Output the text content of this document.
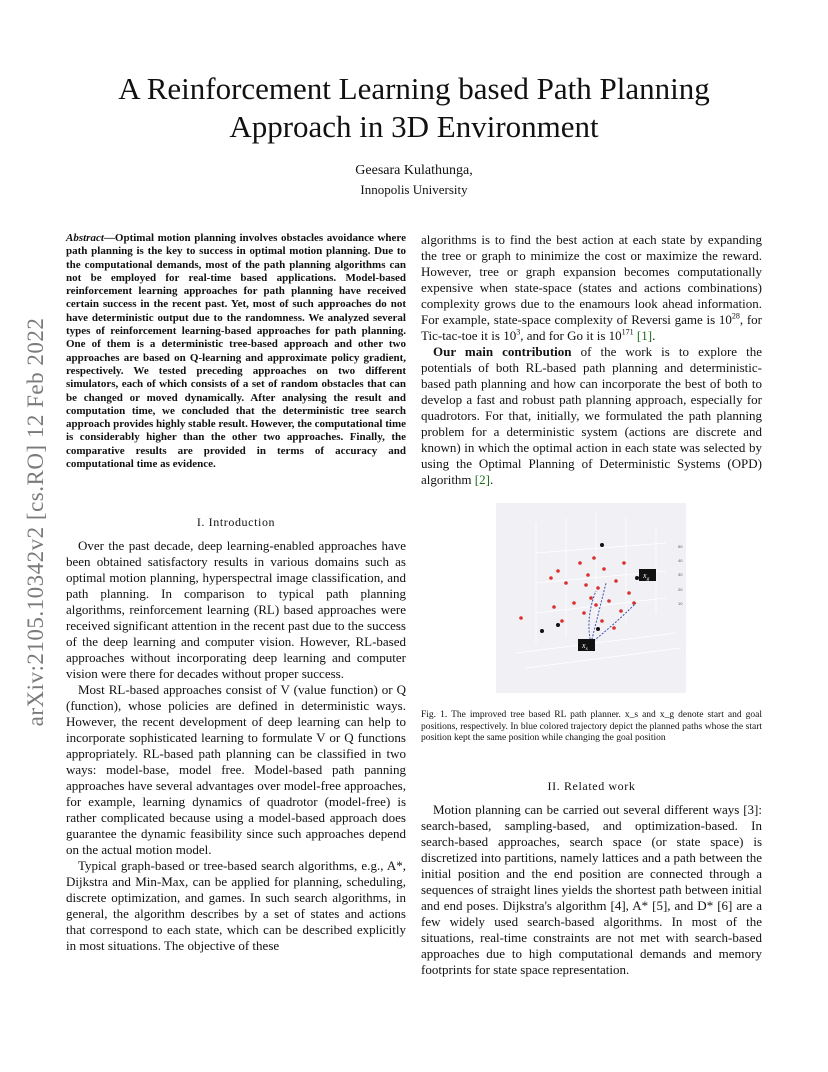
arXiv:2105.10342v2 [cs.RO] 12 Feb 2022
A Reinforcement Learning based Path Planning
Approach in 3D Environment
Geesara Kulathunga,
Innopolis University
Abstract—Optimal motion planning involves obstacles avoidance where path planning is the key to success in optimal motion planning. Due to the computational demands, most of the path planning algorithms can not be employed for real-time based applications. Model-based reinforcement learning approaches for path planning have received certain success in the recent past. Yet, most of such approaches do not have deterministic output due to the randomness. We analyzed several types of reinforcement learning-based approaches for path planning. One of them is a deterministic tree-based approach and other two approaches are based on Q-learning and approximate policy gradient, respectively. We tested preceding approaches on two different simulators, each of which consists of a set of random obstacles that can be changed or moved dynamically. After analysing the result and computation time, we concluded that the deterministic tree search approach provides highly stable result. However, the computational time is considerably higher than the other two approaches. Finally, the comparative results are provided in terms of accuracy and computational time as evidence.

I. Introduction

Over the past decade, deep learning-enabled approaches have been obtained satisfactory results in various domains such as optimal motion planning, hyperspectral image classification, and path planning. In comparison to typical path planning algorithms, reinforcement learning (RL) based approaches were received significant attention in the recent past due to the success of the deep learning and computer vision. However, RL-based approaches without incorporating deep learning and computer vision were there for decades without proper success.

Most RL-based approaches consist of V (value function) or Q (function), whose policies are defined in deterministic ways. However, the recent development of deep learning can help to incorporate sophisticated learning to formulate V or Q functions appropriately. RL-based path planning can be classified in two ways: model-base, model free. Model-based path panning approaches have several advantages over model-free approaches, for example, learning dynamics of quadrotor (model-free) is rather complicated because using a model-based approach does guarantee the dynamic feasibility since such approaches depend on the actual motion model.

Typical graph-based or tree-based search algorithms, e.g., A*, Dijkstra and Min-Max, can be applied for planning, scheduling, discrete optimization, and games. In such search algorithms, in general, the algorithm describes by a set of states and actions that correspond to each state, which can be described explicitly in most situations. The objective of these

algorithms is to find the best action at each state by expanding the tree or graph to minimize the cost or maximize the reward. However, tree or graph expansion becomes computationally expensive when state-space (states and actions combinations) complexity grows due to the enamours look ahead information. For example, state-space complexity of Reversi game is $10^{28}$, for Tic-tac-toe it is $10^3$, and for Go it is $10^{171}$ [1].

Our main contribution of the work is to explore the potentials of both RL-based path planning and deterministic-based path planning and how can incorporate the best of both to develop a fast and robust path planning approach, especially for quadrotors. For that, initially, we formulated the path planning problem for a deterministic system (actions are discrete and known) in which the optimal action in each state was selected by using the Optimal Planning of Deterministic Systems (OPD) algorithm [2].

$x_g$
$x_s$
50
40
30
20
10
Fig. 1. The improved tree based RL path planner. x_s and x_g denote start and goal positions, respectively. In blue colored trajectory depict the planned paths whose the start position kept the same position while changing the goal position

II. Related work

Motion planning can be carried out several different ways [3]: search-based, sampling-based, and optimization-based. In search-based approaches, search space (or state space) is discretized into partitions, namely lattices and a path between the initial position and the end position are connected through a sequences of straight lines yields the shortest path between initial and end poses. Dijkstra's algorithm [4], A* [5], and D* [6] are a few widely used search-based algorithms. In most of the situations, real-time constraints are not met with search-based approaches due to high computational demands and memory footprints for state space representation.
